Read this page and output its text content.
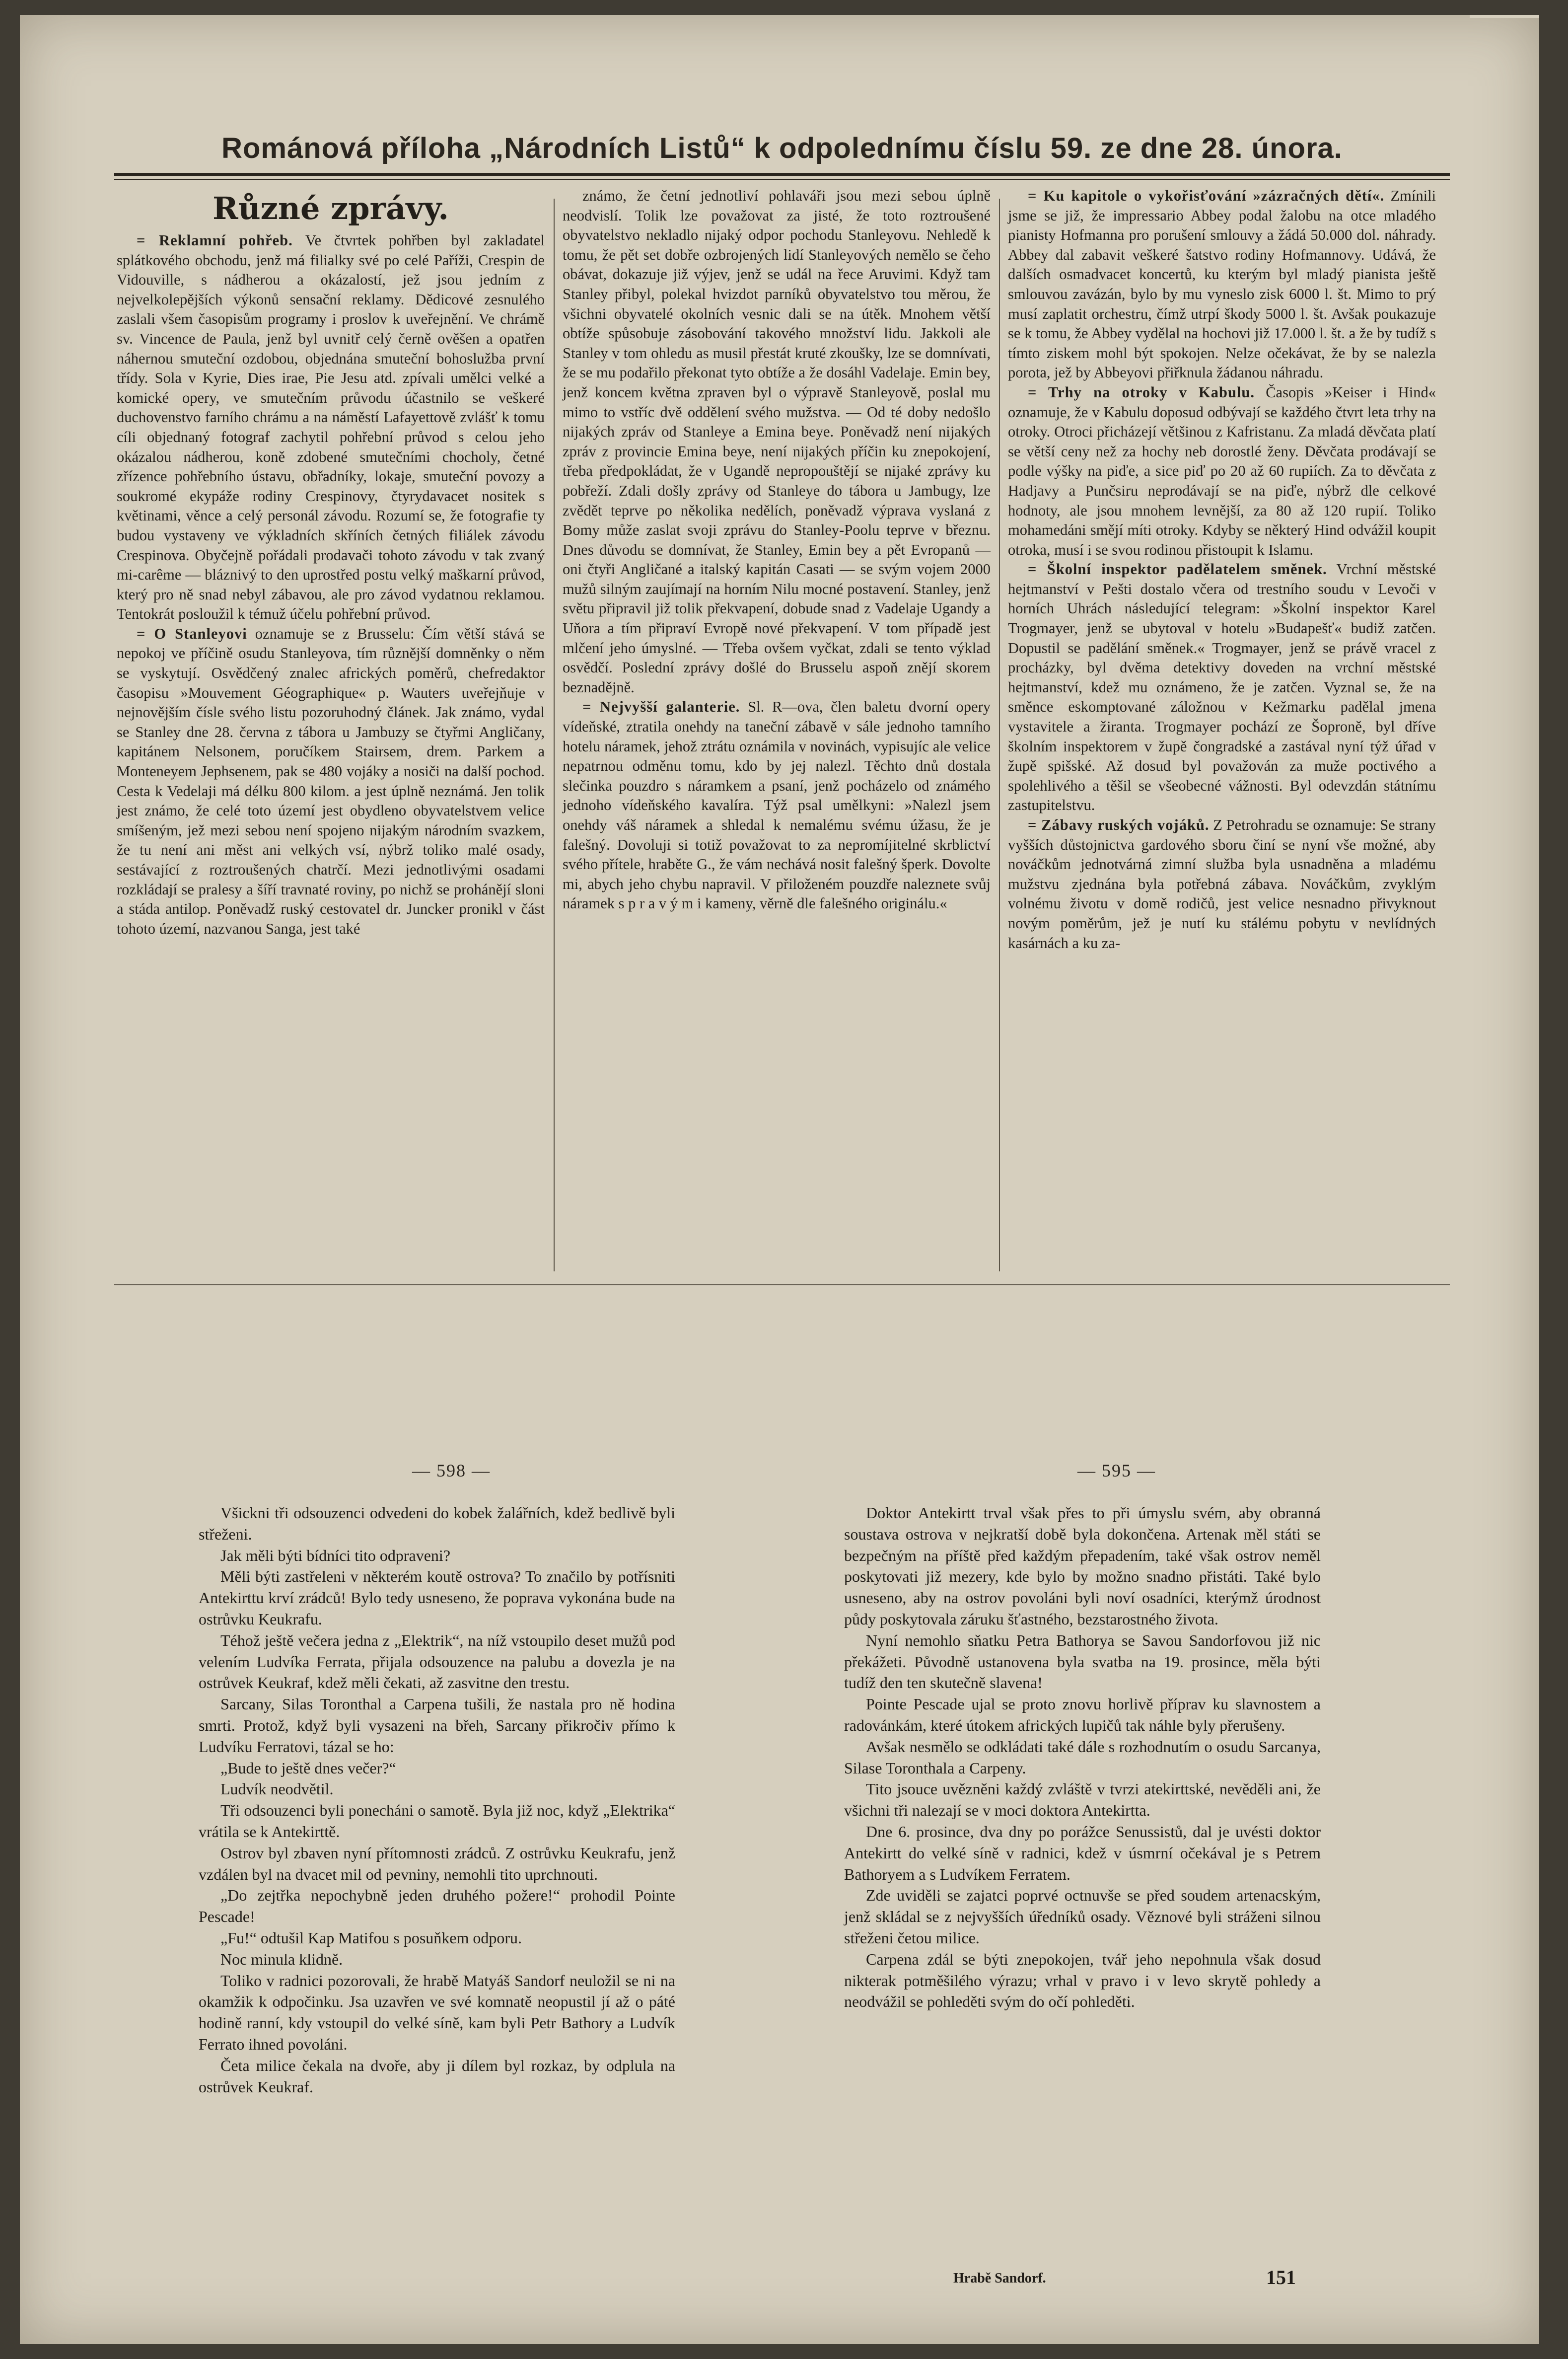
Románová příloha „Národních Listů“ k odpolednímu číslu 59. ze dne 28. února.

Různé zprávy.

= Reklamní pohřeb. Ve čtvrtek pohřben byl zakladatel splátkového obchodu, jenž má filialky své po celé Paříži, Crespin de Vidouville, s nádherou a okázalostí, jež jsou jedním z nejvelkolepějších výkonů sensační reklamy. Dědicové zesnulého zaslali všem časopisům programy i proslov k uveřejnění. Ve chrámě sv. Vincence de Paula, jenž byl uvnitř celý černě ověšen a opatřen náhernou smuteční ozdobou, objednána smuteční bohoslužba první třídy. Sola v Kyrie, Dies irae, Pie Jesu atd. zpívali umělci velké a komické opery, ve smutečním průvodu účastnilo se veškeré duchovenstvo farního chrámu a na náměstí Lafayettově zvlášť k tomu cíli objednaný fotograf zachytil pohřební průvod s celou jeho okázalou nádherou, koně zdobené smutečními chocholy, četné zřízence pohřebního ústavu, obřadníky, lokaje, smuteční povozy a soukromé ekypáže rodiny Crespinovy, čtyrydavacet nositek s květinami, věnce a celý personál závodu. Rozumí se, že fotografie ty budou vystaveny ve výkladních skříních četných filiálek závodu Crespinova. Obyčejně pořádali prodavači tohoto závodu v tak zvaný mi-carême — bláznivý to den uprostřed postu velký maškarní průvod, který pro ně snad nebyl zábavou, ale pro závod vydatnou reklamou. Tentokrát posloužil k témuž účelu pohřební průvod.

= O Stanleyovi oznamuje se z Brusselu: Čím větší stává se nepokoj ve příčině osudu Stanleyova, tím různější domněnky o něm se vyskytují. Osvědčený znalec afrických poměrů, chefredaktor časopisu »Mouvement Géographique« p. Wauters uveřejňuje v nejnovějším čísle svého listu pozoruhodný článek. Jak známo, vydal se Stanley dne 28. června z tábora u Jambuzy se čtyřmi Angličany, kapitánem Nelsonem, poručíkem Stairsem, drem. Parkem a Monteneyem Jephsenem, pak se 480 vojáky a nosiči na další pochod. Cesta k Vedelaji má délku 800 kilom. a jest úplně neznámá. Jen tolik jest známo, že celé toto území jest obydleno obyvatelstvem velice smíšeným, jež mezi sebou není spojeno nijakým národním svazkem, že tu není ani měst ani velkých vsí, nýbrž toliko malé osady, sestávající z roztroušených chatrčí. Mezi jednotlivými osadami rozkládají se pralesy a šíří travnaté roviny, po nichž se prohánějí sloni a stáda antilop. Poněvadž ruský cestovatel dr. Juncker pronikl v část tohoto území, nazvanou Sanga, jest také

známo, že četní jednotliví pohlaváři jsou mezi sebou úplně neodvislí. Tolik lze považovat za jisté, že toto roztroušené obyvatelstvo nekladlo nijaký odpor pochodu Stanleyovu. Nehledě k tomu, že pět set dobře ozbrojených lidí Stanleyových nemělo se čeho obávat, dokazuje již výjev, jenž se udál na řece Aruvimi. Když tam Stanley přibyl, polekal hvizdot parníků obyvatelstvo tou měrou, že všichni obyvatelé okolních vesnic dali se na útěk. Mnohem větší obtíže spůsobuje zásobování takového množství lidu. Jakkoli ale Stanley v tom ohledu as musil přestát kruté zkoušky, lze se domnívati, že se mu podařilo překonat tyto obtíže a že dosáhl Vadelaje. Emin bey, jenž koncem května zpraven byl o výpravě Stanleyově, poslal mu mimo to vstříc dvě oddělení svého mužstva. — Od té doby nedošlo nijakých zpráv od Stanleye a Emina beye. Poněvadž není nijakých zpráv z provincie Emina beye, není nijakých příčin ku znepokojení, třeba předpokládat, že v Ugandě nepropouštějí se nijaké zprávy ku pobřeží. Zdali došly zprávy od Stanleye do tábora u Jambugy, lze zvědět teprve po několika nedělích, poněvadž výprava vyslaná z Bomy může zaslat svoji zprávu do Stanley-Poolu teprve v březnu. Dnes důvodu se domnívat, že Stanley, Emin bey a pět Evropanů — oni čtyři Angličané a italský kapitán Casati — se svým vojem 2000 mužů silným zaujímají na horním Nilu mocné postavení. Stanley, jenž světu připravil již tolik překvapení, dobude snad z Vadelaje Ugandy a Uňora a tím připraví Evropě nové překvapení. V tom případě jest mlčení jeho úmyslné. — Třeba ovšem vyčkat, zdali se tento výklad osvědčí. Poslední zprávy došlé do Brusselu aspoň znějí skorem beznadějně.

= Nejvyšší galanterie. Sl. R—ova, člen baletu dvorní opery vídeňské, ztratila onehdy na taneční zábavě v sále jednoho tamního hotelu náramek, jehož ztrátu oznámila v novinách, vypisujíc ale velice nepatrnou odměnu tomu, kdo by jej nalezl. Těchto dnů dostala slečinka pouzdro s náramkem a psaní, jenž pocházelo od známého jednoho vídeňského kavalíra. Týž psal umělkyni: »Nalezl jsem onehdy váš náramek a shledal k nemalému svému úžasu, že je falešný. Dovoluji si totiž považovat to za nepromíjitelné skrblictví svého přítele, hraběte G., že vám nechává nosit falešný šperk. Dovolte mi, abych jeho chybu napravil. V přiloženém pouzdře naleznete svůj náramek s p r a v ý m i kameny, věrně dle falešného originálu.«

= Ku kapitole o vykořisťování »zázračných dětí«. Zmínili jsme se již, že impressario Abbey podal žalobu na otce mladého pianisty Hofmanna pro porušení smlouvy a žádá 50.000 dol. náhrady. Abbey dal zabavit veškeré šatstvo rodiny Hofmannovy. Udává, že dalších osmadvacet koncertů, ku kterým byl mladý pianista ještě smlouvou zavázán, bylo by mu vyneslo zisk 6000 l. št. Mimo to prý musí zaplatit orchestru, čímž utrpí škody 5000 l. št. Avšak poukazuje se k tomu, že Abbey vydělal na hochovi již 17.000 l. št. a že by tudíž s tímto ziskem mohl být spokojen. Nelze očekávat, že by se nalezla porota, jež by Abbeyovi přiřknula žádanou náhradu.

= Trhy na otroky v Kabulu. Časopis »Keiser i Hind« oznamuje, že v Kabulu doposud odbývají se každého čtvrt leta trhy na otroky. Otroci přicházejí většinou z Kafristanu. Za mladá děvčata platí se větší ceny než za hochy neb dorostlé ženy. Děvčata prodávají se podle výšky na piďe, a sice piď po 20 až 60 rupiích. Za to děvčata z Hadjavy a Punčsiru neprodávají se na piďe, nýbrž dle celkové hodnoty, ale jsou mnohem levnější, za 80 až 120 rupií. Toliko mohamedáni smějí míti otroky. Kdyby se některý Hind odvážil koupit otroka, musí i se svou rodinou přistoupit k Islamu.

= Školní inspektor padělatelem směnek. Vrchní městské hejtmanství v Pešti dostalo včera od trestního soudu v Levoči v horních Uhrách následující telegram: »Školní inspektor Karel Trogmayer, jenž se ubytoval v hotelu »Budapešť« budiž zatčen. Dopustil se padělání směnek.« Trogmayer, jenž se právě vracel z procházky, byl dvěma detektivy doveden na vrchní městské hejtmanství, kdež mu oznámeno, že je zatčen. Vyznal se, že na směnce eskomptované záložnou v Kežmarku padělal jmena vystavitele a žiranta. Trogmayer pochází ze Šoproně, byl dříve školním inspektorem v župě čongradské a zastával nyní týž úřad v župě spišské. Až dosud byl považován za muže poctivého a spolehlivého a těšil se všeobecné vážnosti. Byl odevzdán státnímu zastupitelstvu.

= Zábavy ruských vojáků. Z Petrohradu se oznamuje: Se strany vyšších důstojnictva gardového sboru činí se nyní vše možné, aby nováčkům jednotvárná zimní služba byla usnadněna a mladému mužstvu zjednána byla potřebná zábava. Nováčkům, zvyklým volnému životu v domě rodičů, jest velice nesnadno přivyknout novým poměrům, jež je nutí ku stálému pobytu v nevlídných kasárnách a ku za-

— 598 —	— 595 —

Všickni tři odsouzenci odvedeni do kobek žalářních, kdež bedlivě byli střeženi.

Jak měli býti bídníci tito odpraveni?

Měli býti zastřeleni v některém koutě ostrova? To značilo by potřísniti Antekirttu krví zrádců! Bylo tedy usneseno, že poprava vykonána bude na ostrůvku Keukrafu.

Téhož ještě večera jedna z „Elektrik“, na níž vstoupilo deset mužů pod velením Ludvíka Ferrata, přijala odsouzence na palubu a dovezla je na ostrůvek Keukraf, kdež měli čekati, až zasvitne den trestu.

Sarcany, Silas Toronthal a Carpena tušili, že nastala pro ně hodina smrti. Protož, když byli vysazeni na břeh, Sarcany přikročiv přímo k Ludvíku Ferratovi, tázal se ho:

„Bude to ještě dnes večer?“

Ludvík neodvětil.

Tři odsouzenci byli ponecháni o samotě. Byla již noc, když „Elektrika“ vrátila se k Antekirttě.

Ostrov byl zbaven nyní přítomnosti zrádců. Z ostrůvku Keukrafu, jenž vzdálen byl na dvacet mil od pevniny, nemohli tito uprchnouti.

„Do zejtřka nepochybně jeden druhého požere!“ prohodil Pointe Pescade!

„Fu!“ odtušil Kap Matifou s posuňkem odporu.

Noc minula klidně.

Toliko v radnici pozorovali, že hrabě Matyáš Sandorf neuložil se ni na okamžik k odpočinku. Jsa uzavřen ve své komnatě neopustil jí až o páté hodině ranní, kdy vstoupil do velké síně, kam byli Petr Bathory a Ludvík Ferrato ihned povoláni.

Četa milice čekala na dvoře, aby ji dílem byl rozkaz, by odplula na ostrůvek Keukraf.

Doktor Antekirtt trval však přes to při úmyslu svém, aby obranná soustava ostrova v nejkratší době byla dokončena. Artenak měl státi se bezpečným na příště před každým přepadením, také však ostrov neměl poskytovati již mezery, kde bylo by možno snadno přistáti. Také bylo usneseno, aby na ostrov povoláni byli noví osadníci, kterýmž úrodnost půdy poskytovala záruku šťastného, bezstarostného života.

Nyní nemohlo sňatku Petra Bathoryа se Savou Sandorfovou již nic překážeti. Původně ustanovena byla svatba na 19. prosince, měla býti tudíž den ten skutečně slavena!

Pointe Pescade ujal se proto znovu horlivě příprav ku slavnostem a radovánkám, které útokem afrických lupičů tak náhle byly přerušeny.

Avšak nesmělo se odkládati také dále s rozhodnutím o osudu Sarcanya, Silase Toronthala a Carpeny.

Tito jsouce uvězněni každý zvláště v tvrzi atekirttské, nevěděli ani, že všichni tři nalezají se v moci doktora Antekirtta.

Dne 6. prosince, dva dny po porážce Senussistů, dal je uvésti doktor Antekirtt do velké síně v radnici, kdež v úsmrní očekával je s Petrem Bathoryem a s Ludvíkem Ferratem.

Zde uviděli se zajatci poprvé octnuvše se před soudem artenacským, jenž skládal se z nejvyšších úředníků osady. Věznové byli stráženi silnou střeženi četou milice.

Carpena zdál se býti znepokojen, tvář jeho nepohnula však dosud nikterak potměšilého výrazu; vrhal v pravo i v levo skrytě pohledy a neodvážil se pohleděti svým do očí pohleděti.

Hrabě Sandorf.	151
